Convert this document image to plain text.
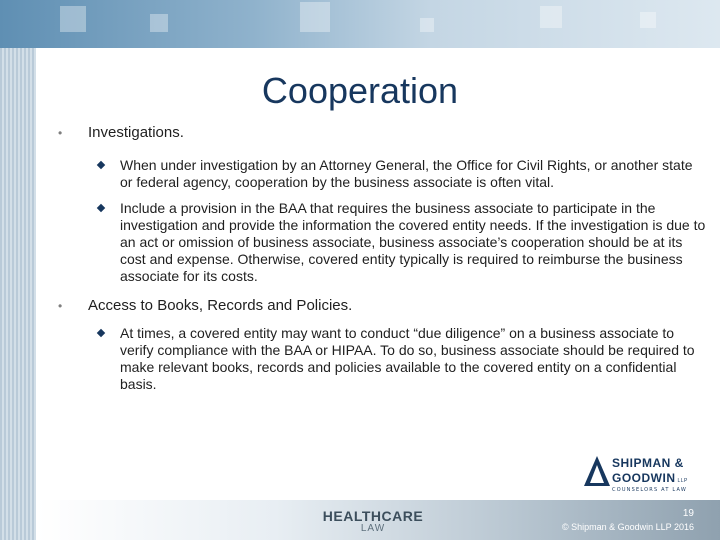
Cooperation
• Investigations.
When under investigation by an Attorney General, the Office for Civil Rights, or another state or federal agency, cooperation by the business associate is often vital.
Include a provision in the BAA that requires the business associate to participate in the investigation and provide the information the covered entity needs. If the investigation is due to an act or omission of business associate, business associate’s cooperation should be at its cost and expense. Otherwise, covered entity typically is required to reimburse the business associate for its costs.
• Access to Books, Records and Policies.
At times, a covered entity may want to conduct “due diligence” on a business associate to verify compliance with the BAA or HIPAA. To do so, business associate should be required to make relevant books, records and policies available to the covered entity on a confidential basis.
SHIPMAN &
GOODWIN LLP
COUNSELORS AT LAW
HEALTHCARE
LAW
19
© Shipman & Goodwin LLP 2016
